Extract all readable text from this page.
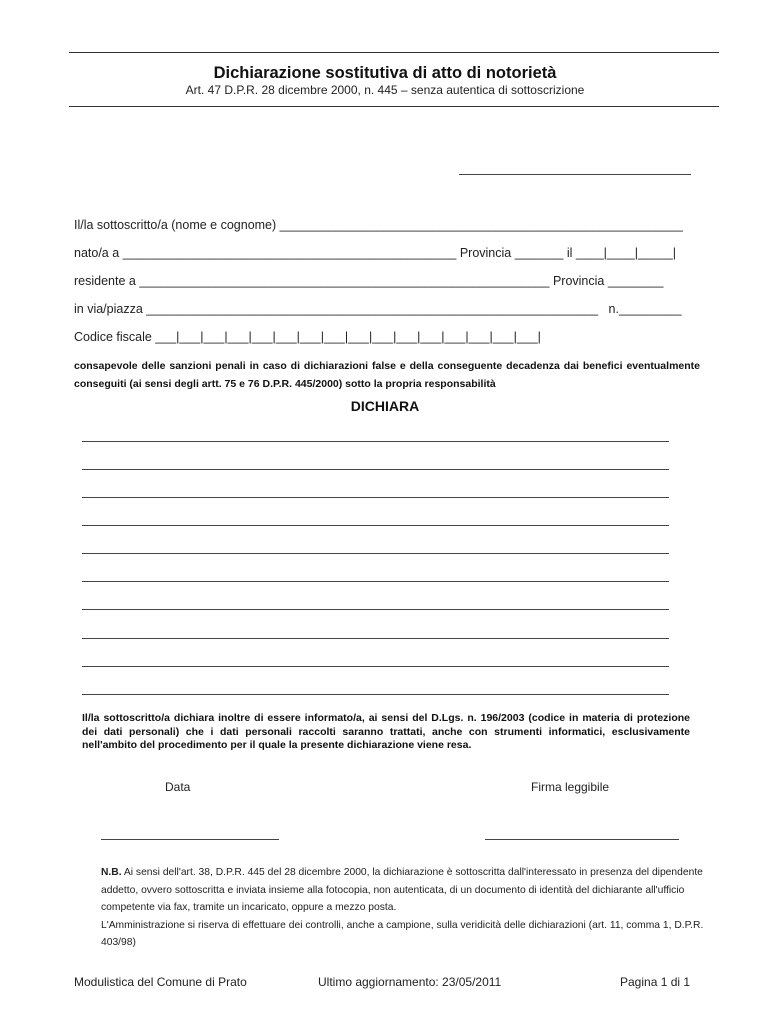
Dichiarazione sostitutiva di atto di notorietà
Art. 47 D.P.R. 28 dicembre 2000, n. 445 – senza autentica di sottoscrizione
Il/la sottoscritto/a (nome e cognome) __________________________________________________________
nato/a a ________________________________________________ Provincia _______ il ____|____|_____|
residente a ___________________________________________________________ Provincia ________
in via/piazza _________________________________________________________________   n._________
Codice fiscale ___|___|___|___|___|___|___|___|___|___|___|___|___|___|___|___|
consapevole delle sanzioni penali in caso di dichiarazioni false e della conseguente decadenza dai benefici eventualmente conseguiti (ai sensi degli artt. 75 e 76 D.P.R. 445/2000) sotto la propria responsabilità
DICHIARA
Il/la sottoscritto/a dichiara inoltre di essere informato/a, ai sensi del D.Lgs. n. 196/2003 (codice in materia di protezione dei dati personali) che i dati personali raccolti saranno trattati, anche con strumenti informatici, esclusivamente nell'ambito del procedimento per il quale la presente dichiarazione viene resa.
Data	Firma leggibile
N.B. Ai sensi dell'art. 38, D.P.R. 445 del 28 dicembre 2000, la dichiarazione è sottoscritta dall'interessato in presenza del dipendente addetto, ovvero sottoscritta e inviata insieme alla fotocopia, non autenticata, di un documento di identità del dichiarante all'ufficio competente via fax, tramite un incaricato, oppure a mezzo posta.
L'Amministrazione si riserva di effettuare dei controlli, anche a campione, sulla veridicità delle dichiarazioni (art. 11, comma 1, D.P.R. 403/98)
Modulistica del Comune di Prato	Ultimo aggiornamento: 23/05/2011	Pagina 1 di 1
